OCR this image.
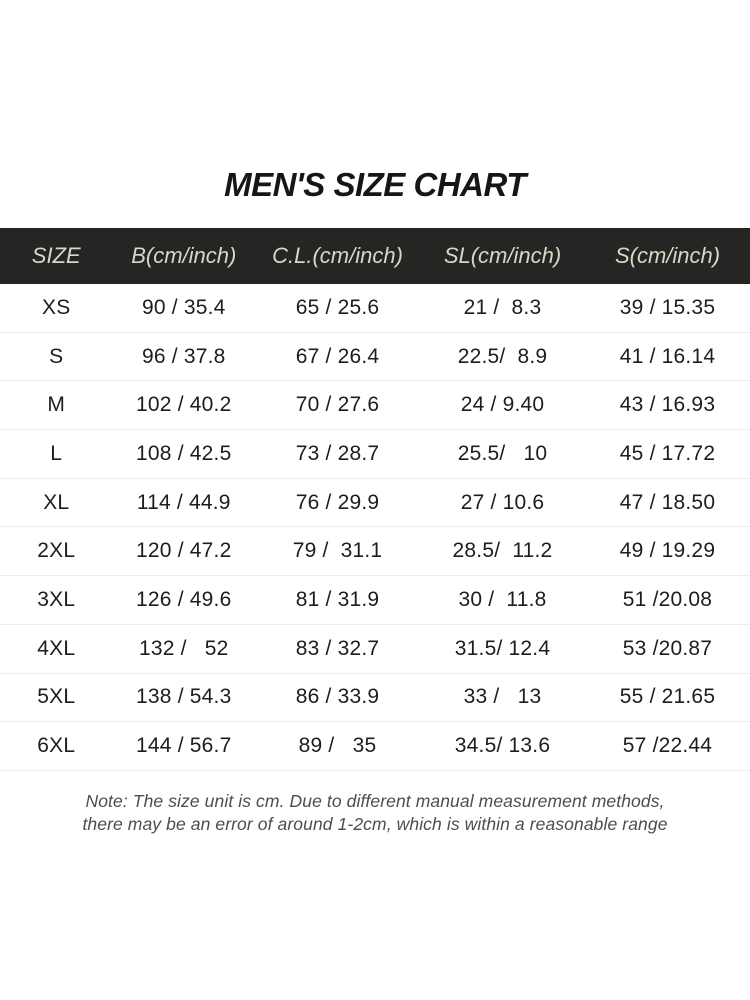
MEN'S SIZE CHART
SIZE	B(cm/inch)	C.L.(cm/inch)	SL(cm/inch)	S(cm/inch)
XS	90 / 35.4	65 / 25.6	21 /  8.3	39 / 15.35
S	96 / 37.8	67 / 26.4	22.5/  8.9	41 / 16.14
M	102 / 40.2	70 / 27.6	24 / 9.40	43 / 16.93
L	108 / 42.5	73 / 28.7	25.5/   10	45 / 17.72
XL	114 / 44.9	76 / 29.9	27 / 10.6	47 / 18.50
2XL	120 / 47.2	79 /  31.1	28.5/  11.2	49 / 19.29
3XL	126 / 49.6	81 / 31.9	30 /  11.8	51 /20.08
4XL	132 /   52	83 / 32.7	31.5/ 12.4	53 /20.87
5XL	138 / 54.3	86 / 33.9	33 /   13	55 / 21.65
6XL	144 / 56.7	89 /   35	34.5/ 13.6	57 /22.44

Note: The size unit is cm. Due to different manual measurement methods,
there may be an error of around 1-2cm, which is within a reasonable range
